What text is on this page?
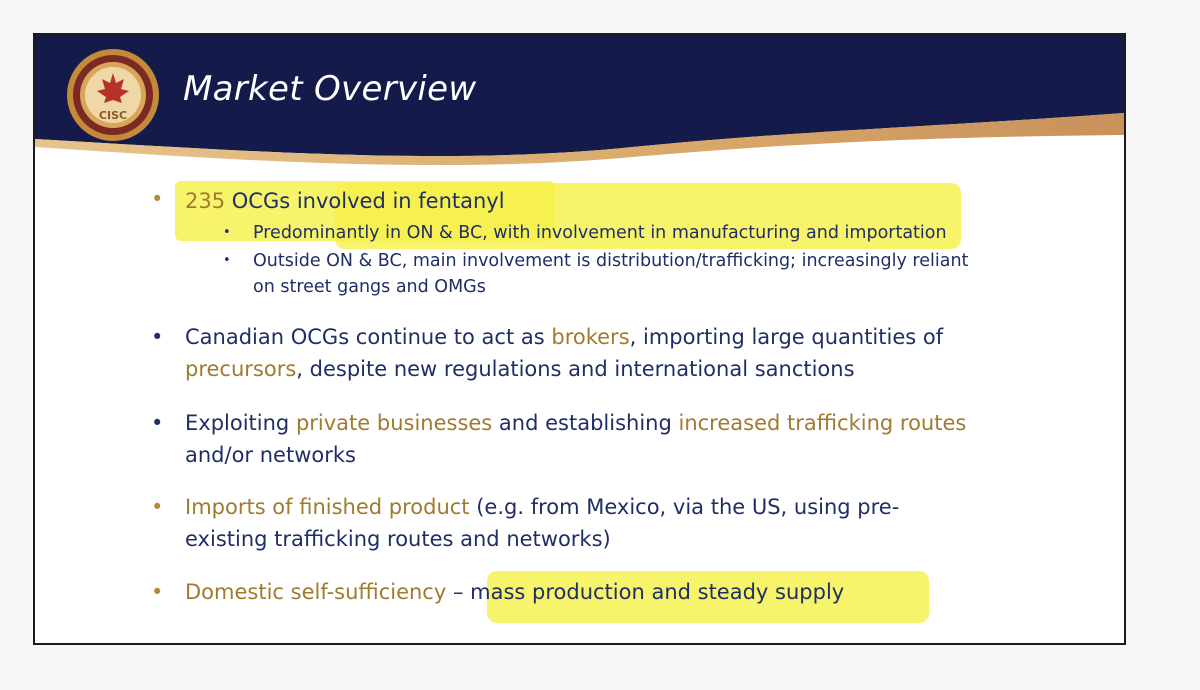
CISC
Market Overview
• 235 OCGs involved in fentanyl
• Predominantly in ON & BC, with involvement in manufacturing and importation
• Outside ON & BC, main involvement is distribution/trafficking; increasingly reliant on street gangs and OMGs
• Canadian OCGs continue to act as brokers, importing large quantities of precursors, despite new regulations and international sanctions
• Exploiting private businesses and establishing increased trafficking routes and/or networks
• Imports of finished product (e.g. from Mexico, via the US, using pre-existing trafficking routes and networks)
• Domestic self-sufficiency – mass production and steady supply
